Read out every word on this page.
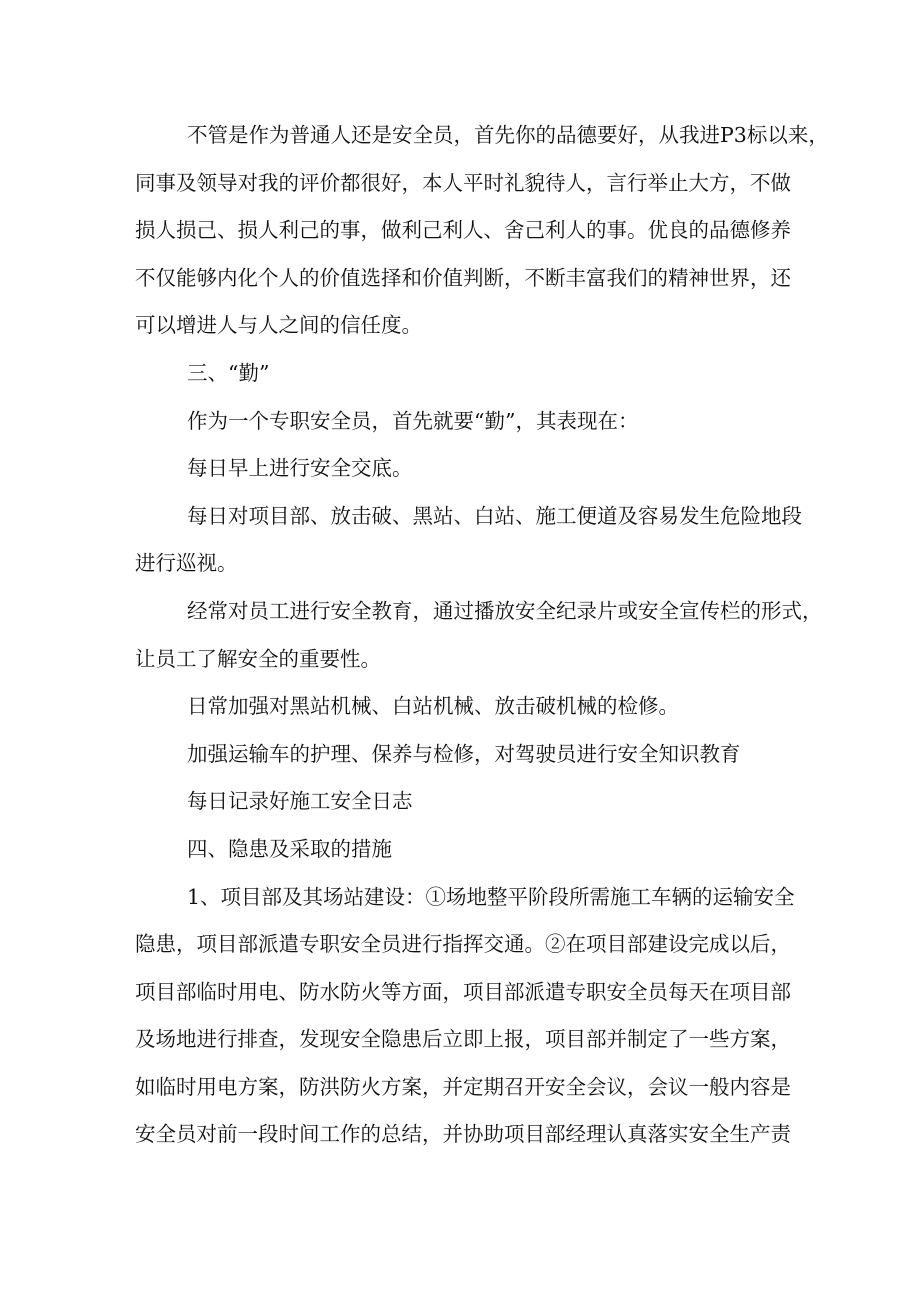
不管是作为普通人还是安全员，首先你的品德要好，从我进P3标以来，
同事及领导对我的评价都很好，本人平时礼貌待人，言行举止大方，不做
损人损己、损人利己的事，做利己利人、舍己利人的事。优良的品德修养
不仅能够内化个人的价值选择和价值判断，不断丰富我们的精神世界，还
可以增进人与人之间的信任度。
三、“勤”
作为一个专职安全员，首先就要“勤”，其表现在：
每日早上进行安全交底。
每日对项目部、放击破、黑站、白站、施工便道及容易发生危险地段
进行巡视。
经常对员工进行安全教育，通过播放安全纪录片或安全宣传栏的形式，
让员工了解安全的重要性。
日常加强对黑站机械、白站机械、放击破机械的检修。
加强运输车的护理、保养与检修，对驾驶员进行安全知识教育
每日记录好施工安全日志
四、隐患及采取的措施
1、项目部及其场站建设：①场地整平阶段所需施工车辆的运输安全
隐患，项目部派遣专职安全员进行指挥交通。②在项目部建设完成以后，
项目部临时用电、防水防火等方面，项目部派遣专职安全员每天在项目部
及场地进行排查，发现安全隐患后立即上报，项目部并制定了一些方案，
如临时用电方案，防洪防火方案，并定期召开安全会议，会议一般内容是
安全员对前一段时间工作的总结，并协助项目部经理认真落实安全生产责
